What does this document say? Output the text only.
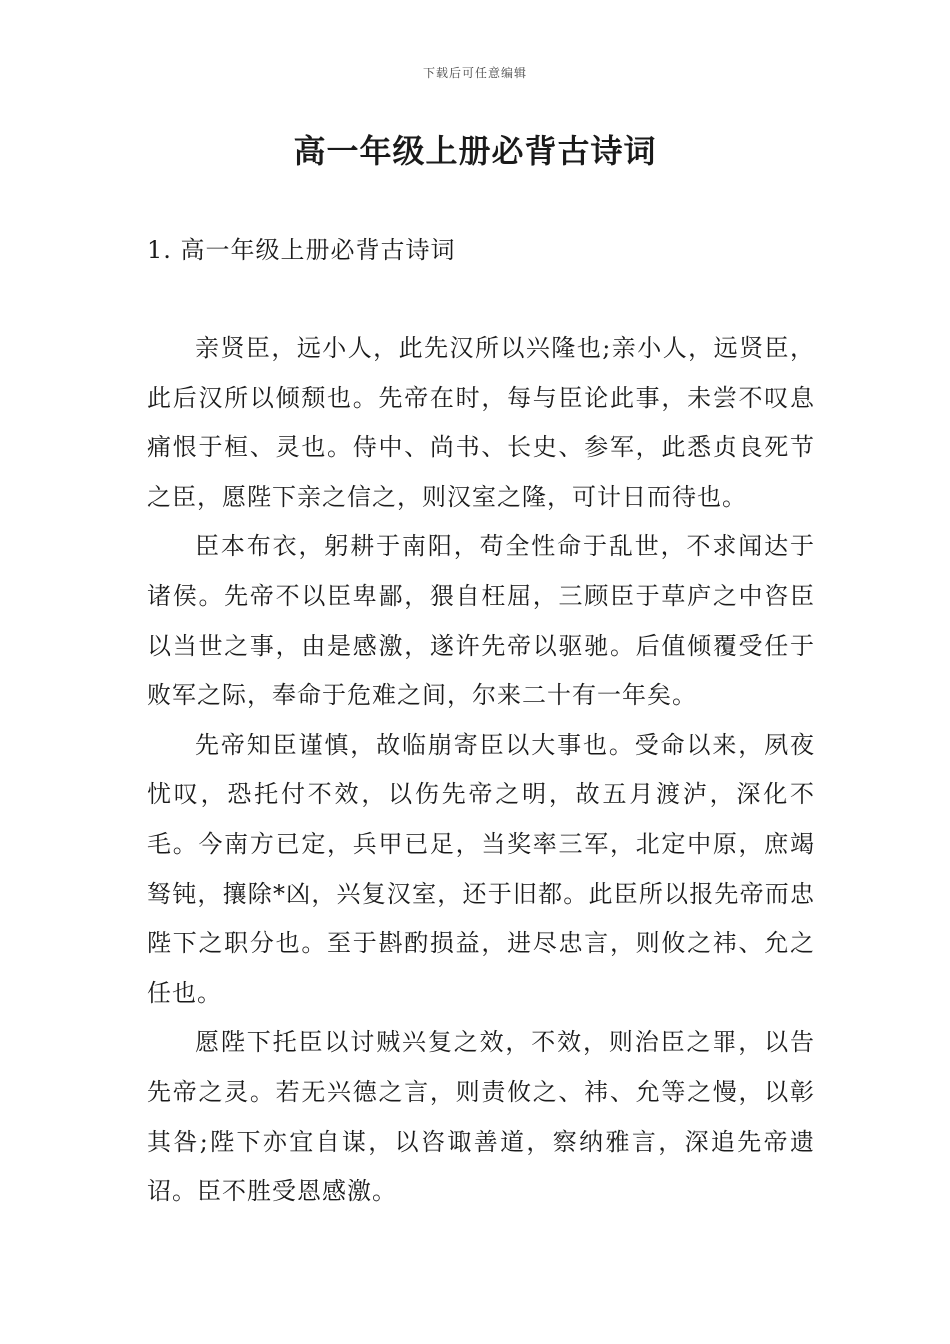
下载后可任意编辑
高一年级上册必背古诗词
1. 高一年级上册必背古诗词

亲贤臣，远小人，此先汉所以兴隆也;亲小人，远贤臣，此后汉所以倾颓也。先帝在时，每与臣论此事，未尝不叹息痛恨于桓、灵也。侍中、尚书、长史、参军，此悉贞良死节之臣，愿陛下亲之信之，则汉室之隆，可计日而待也。

臣本布衣，躬耕于南阳，苟全性命于乱世，不求闻达于诸侯。先帝不以臣卑鄙，猥自枉屈，三顾臣于草庐之中咨臣以当世之事，由是感激，遂许先帝以驱驰。后值倾覆受任于败军之际，奉命于危难之间，尔来二十有一年矣。

先帝知臣谨慎，故临崩寄臣以大事也。受命以来，夙夜忧叹，恐托付不效，以伤先帝之明，故五月渡泸，深化不毛。今南方已定，兵甲已足，当奖率三军，北定中原，庶竭驽钝，攘除*凶，兴复汉室，还于旧都。此臣所以报先帝而忠陛下之职分也。至于斟酌损益，进尽忠言，则攸之祎、允之任也。

愿陛下托臣以讨贼兴复之效，不效，则治臣之罪，以告先帝之灵。若无兴德之言，则责攸之、祎、允等之慢，以彰其咎;陛下亦宜自谋，以咨诹善道，察纳雅言，深追先帝遗诏。臣不胜受恩感激。
